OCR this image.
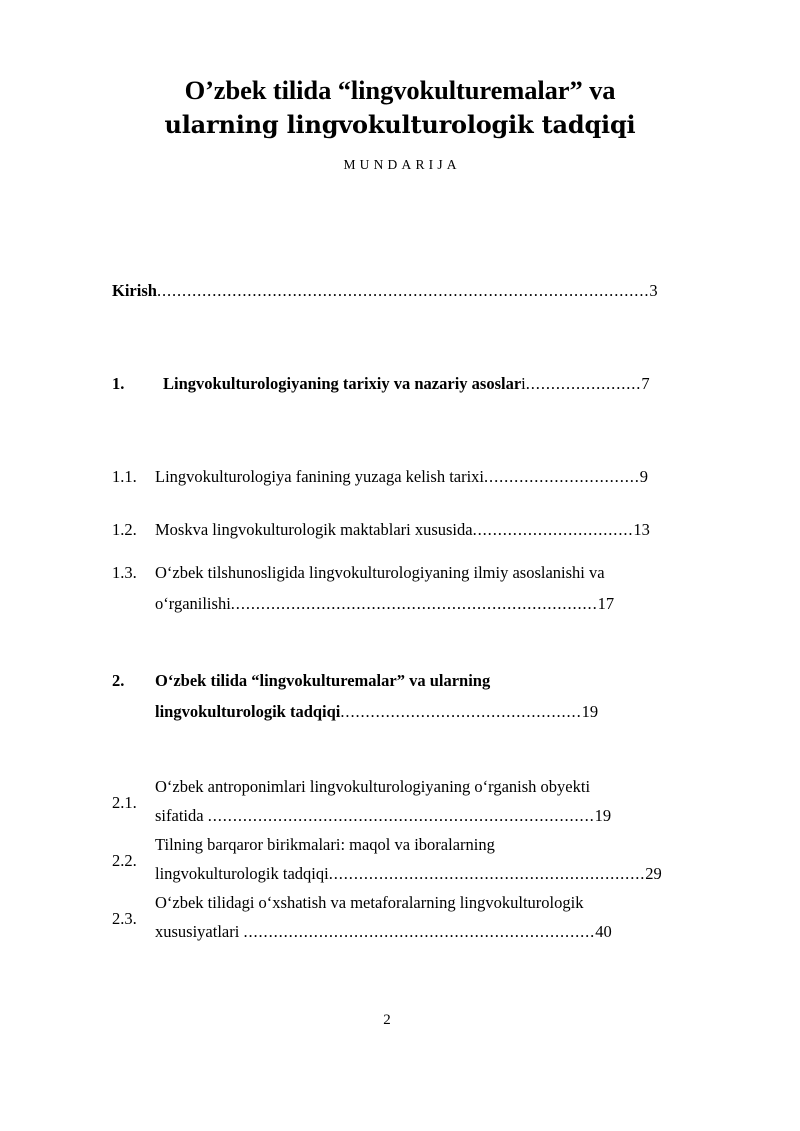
O’zbek tilida “lingvokulturemalar” va
ularning lingvokulturologik tadqiqi
MUNDARIJA
Kirish..................................................................................................3
1.	Lingvokulturologiyaning tarixiy va nazariy asoslari.......................7
1.1.	Lingvokulturologiya fanining yuzaga kelish tarixi...............................9
1.2.	Moskva lingvokulturologik maktablari xususida................................13
1.3.	O‘zbek tilshunosligida lingvokulturologiyaning ilmiy asoslanishi va
o‘rganilishi.........................................................................17
2.	O‘zbek tilida “lingvokulturemalar” va ularning
lingvokulturologik tadqiqi................................................19
2.1.
O‘zbek antroponimlari lingvokulturologiyaning o‘rganish obyekti
sifatida .............................................................................19
2.2.
Tilning barqaror birikmalari: maqol va iboralarning
lingvokulturologik tadqiqi...............................................................29
2.3.
O‘zbek tilidagi o‘xshatish va metaforalarning lingvokulturologik
xususiyatlari ......................................................................40
2
